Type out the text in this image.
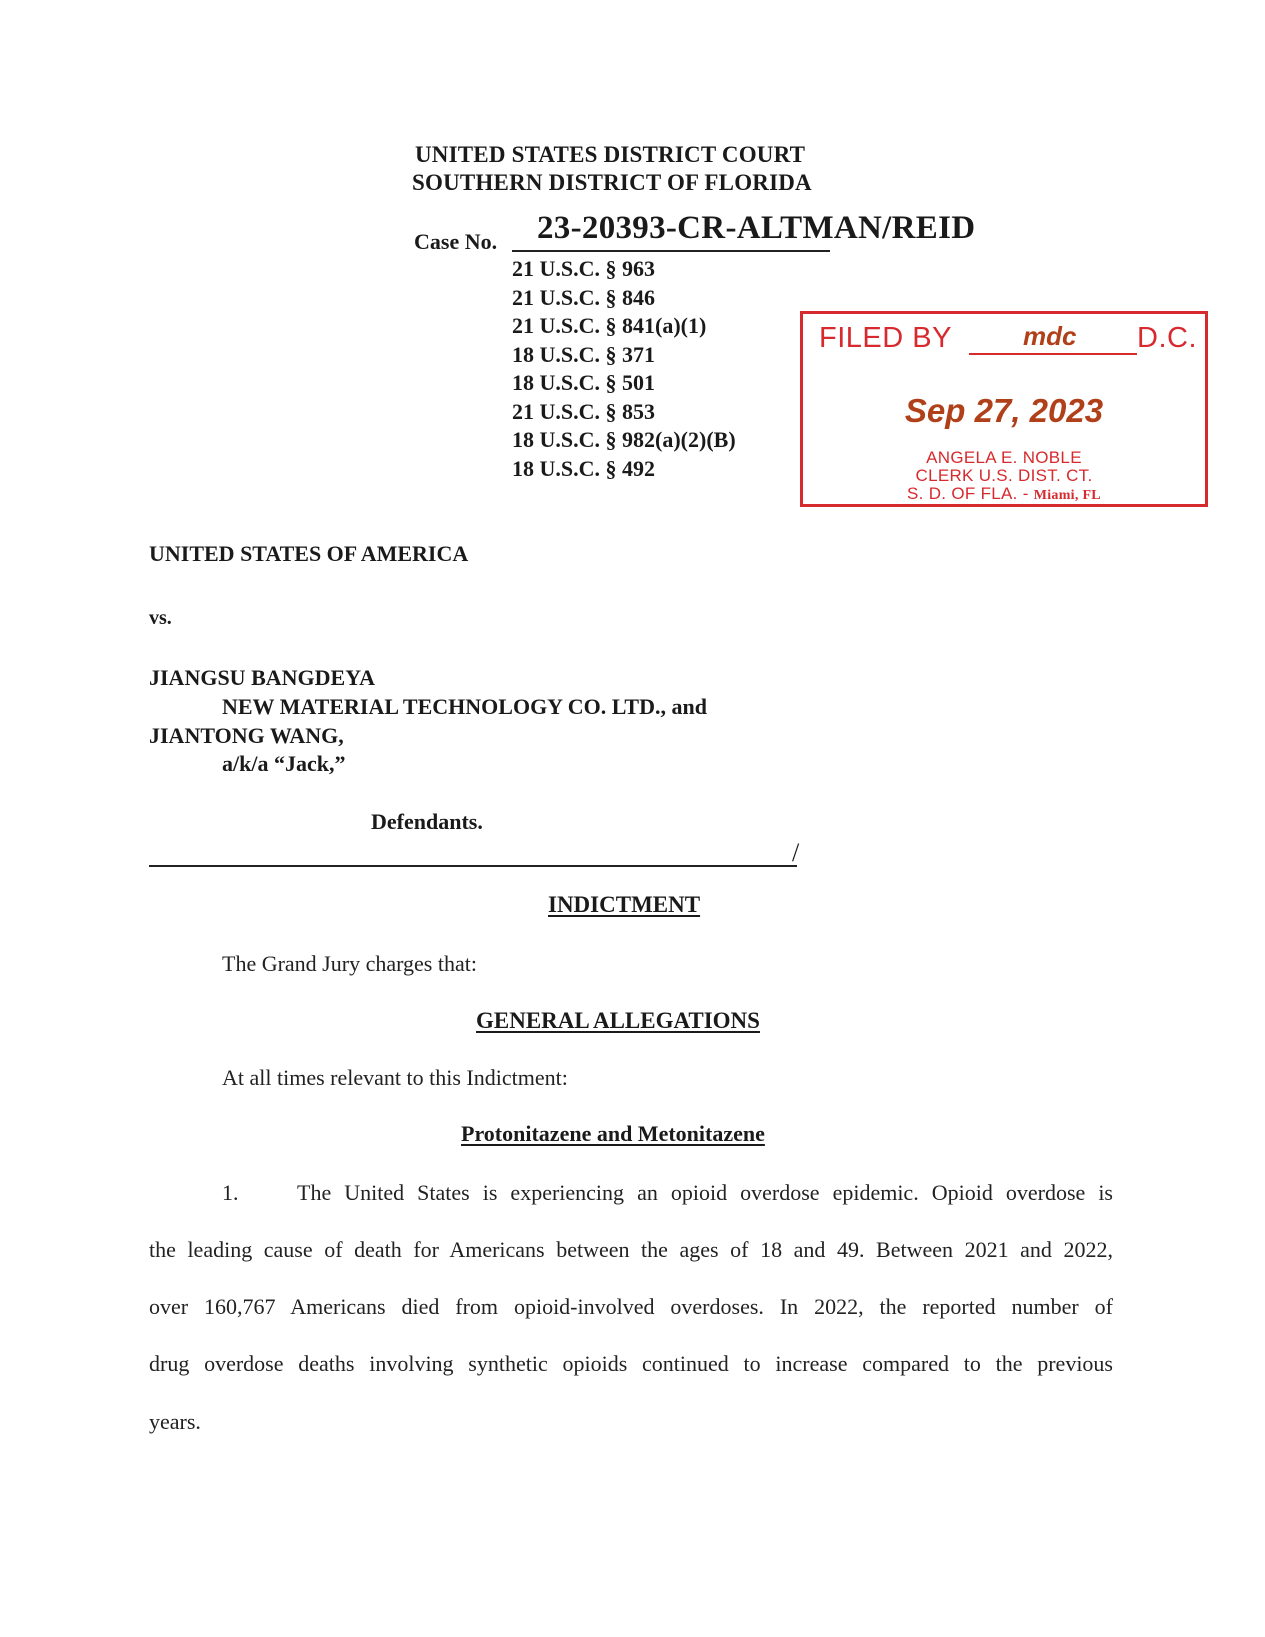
UNITED STATES DISTRICT COURT
SOUTHERN DISTRICT OF FLORIDA
Case No. 23-20393-CR-ALTMAN/REID
21 U.S.C. § 963
21 U.S.C. § 846
21 U.S.C. § 841(a)(1)
18 U.S.C. § 371
18 U.S.C. § 501
21 U.S.C. § 853
18 U.S.C. § 982(a)(2)(B)
18 U.S.C. § 492
FILED BY	mdc D.C.
Sep 27, 2023
ANGELA E. NOBLE
CLERK U.S. DIST. CT.
S. D. OF FLA. - Miami, FL
UNITED STATES OF AMERICA
vs.
JIANGSU BANGDEYA
NEW MATERIAL TECHNOLOGY CO. LTD., and
JIANTONG WANG,
a/k/a “Jack,”
Defendants.
/
INDICTMENT
The Grand Jury charges that:
GENERAL ALLEGATIONS
At all times relevant to this Indictment:
Protonitazene and Metonitazene
1.	The United States is experiencing an opioid overdose epidemic. Opioid overdose is
the leading cause of death for Americans between the ages of 18 and 49. Between 2021 and 2022,
over 160,767 Americans died from opioid-involved overdoses. In 2022, the reported number of
drug overdose deaths involving synthetic opioids continued to increase compared to the previous
years.
